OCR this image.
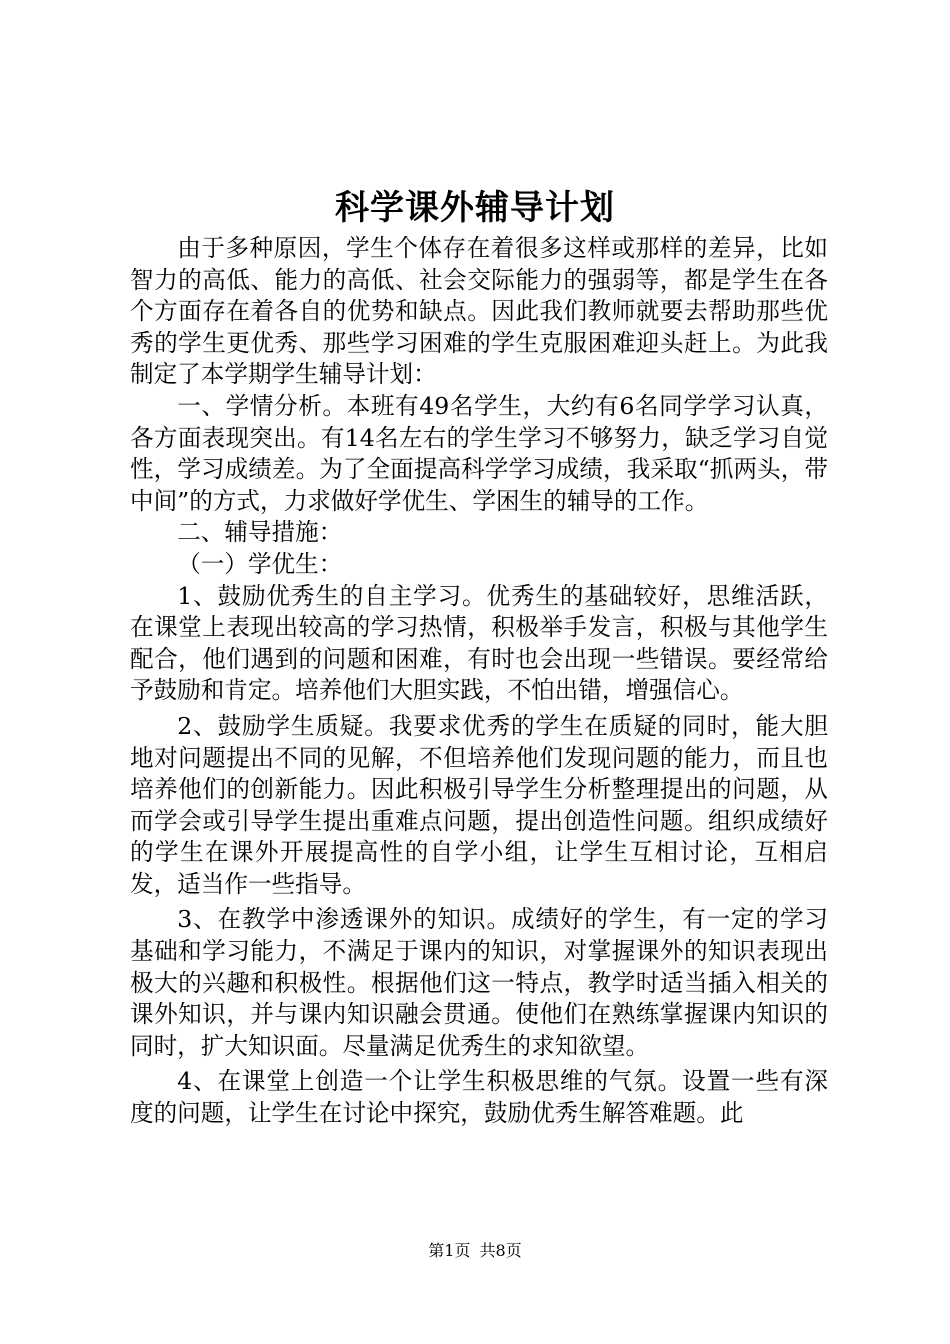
科学课外辅导计划

由于多种原因，学生个体存在着很多这样或那样的差异，比如智力的高低、能力的高低、社会交际能力的强弱等，都是学生在各个方面存在着各自的优势和缺点。因此我们教师就要去帮助那些优秀的学生更优秀、那些学习困难的学生克服困难迎头赶上。为此我制定了本学期学生辅导计划：

一、学情分析。本班有49名学生，大约有6名同学学习认真，各方面表现突出。有14名左右的学生学习不够努力，缺乏学习自觉性，学习成绩差。为了全面提高科学学习成绩，我采取“抓两头，带中间”的方式，力求做好学优生、学困生的辅导的工作。

二、辅导措施：

（一）学优生：

1、鼓励优秀生的自主学习。优秀生的基础较好，思维活跃，在课堂上表现出较高的学习热情，积极举手发言，积极与其他学生配合，他们遇到的问题和困难，有时也会出现一些错误。要经常给予鼓励和肯定。培养他们大胆实践，不怕出错，增强信心。

2、鼓励学生质疑。我要求优秀的学生在质疑的同时，能大胆地对问题提出不同的见解，不但培养他们发现问题的能力，而且也培养他们的创新能力。因此积极引导学生分析整理提出的问题，从而学会或引导学生提出重难点问题，提出创造性问题。组织成绩好的学生在课外开展提高性的自学小组，让学生互相讨论，互相启发，适当作一些指导。

3、在教学中渗透课外的知识。成绩好的学生，有一定的学习基础和学习能力，不满足于课内的知识，对掌握课外的知识表现出极大的兴趣和积极性。根据他们这一特点，教学时适当插入相关的课外知识，并与课内知识融会贯通。使他们在熟练掌握课内知识的同时，扩大知识面。尽量满足优秀生的求知欲望。

4、在课堂上创造一个让学生积极思维的气氛。设置一些有深度的问题，让学生在讨论中探究，鼓励优秀生解答难题。此

第1页 共8页
